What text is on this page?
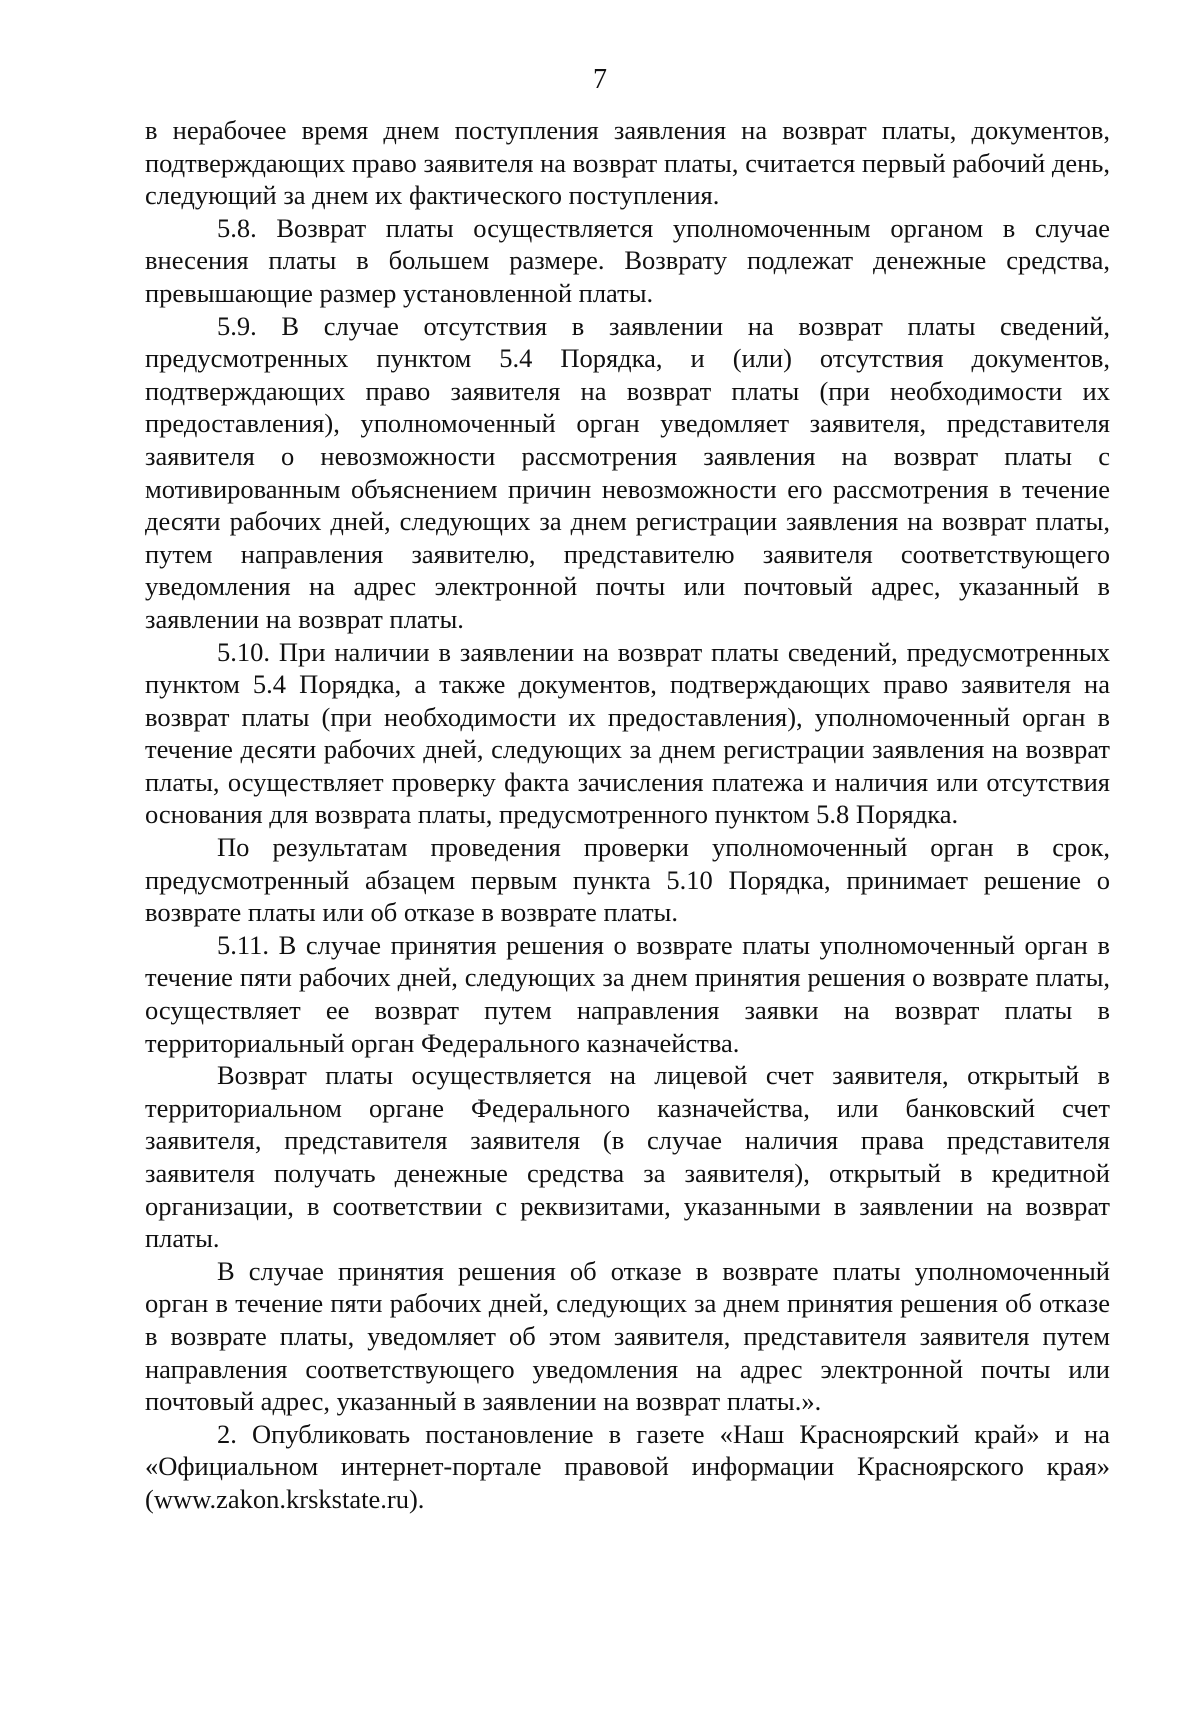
7

в нерабочее время днем поступления заявления на возврат платы, документов, подтверждающих право заявителя на возврат платы, считается первый рабочий день, следующий за днем их фактического поступления.

5.8. Возврат платы осуществляется уполномоченным органом в случае внесения платы в большем размере. Возврату подлежат денежные средства, превышающие размер установленной платы.

5.9. В случае отсутствия в заявлении на возврат платы сведений, предусмотренных пунктом 5.4 Порядка, и (или) отсутствия документов, подтверждающих право заявителя на возврат платы (при необходимости их предоставления), уполномоченный орган уведомляет заявителя, представителя заявителя о невозможности рассмотрения заявления на возврат платы с мотивированным объяснением причин невозможности его рассмотрения в течение десяти рабочих дней, следующих за днем регистрации заявления на возврат платы, путем направления заявителю, представителю заявителя соответствующего уведомления на адрес электронной почты или почтовый адрес, указанный в заявлении на возврат платы.

5.10. При наличии в заявлении на возврат платы сведений, предусмотренных пунктом 5.4 Порядка, а также документов, подтверждающих право заявителя на возврат платы (при необходимости их предоставления), уполномоченный орган в течение десяти рабочих дней, следующих за днем регистрации заявления на возврат платы, осуществляет проверку факта зачисления платежа и наличия или отсутствия основания для возврата платы, предусмотренного пунктом 5.8 Порядка.

По результатам проведения проверки уполномоченный орган в срок, предусмотренный абзацем первым пункта 5.10 Порядка, принимает решение о возврате платы или об отказе в возврате платы.

5.11. В случае принятия решения о возврате платы уполномоченный орган в течение пяти рабочих дней, следующих за днем принятия решения о возврате платы, осуществляет ее возврат путем направления заявки на возврат платы в территориальный орган Федерального казначейства.

Возврат платы осуществляется на лицевой счет заявителя, открытый в территориальном органе Федерального казначейства, или банковский счет заявителя, представителя заявителя (в случае наличия права представителя заявителя получать денежные средства за заявителя), открытый в кредитной организации, в соответствии с реквизитами, указанными в заявлении на возврат платы.

В случае принятия решения об отказе в возврате платы уполномоченный орган в течение пяти рабочих дней, следующих за днем принятия решения об отказе в возврате платы, уведомляет об этом заявителя, представителя заявителя путем направления соответствующего уведомления на адрес электронной почты или почтовый адрес, указанный в заявлении на возврат платы.».

2. Опубликовать постановление в газете «Наш Красноярский край» и на «Официальном интернет-портале правовой информации Красноярского края» (www.zakon.krskstate.ru).
